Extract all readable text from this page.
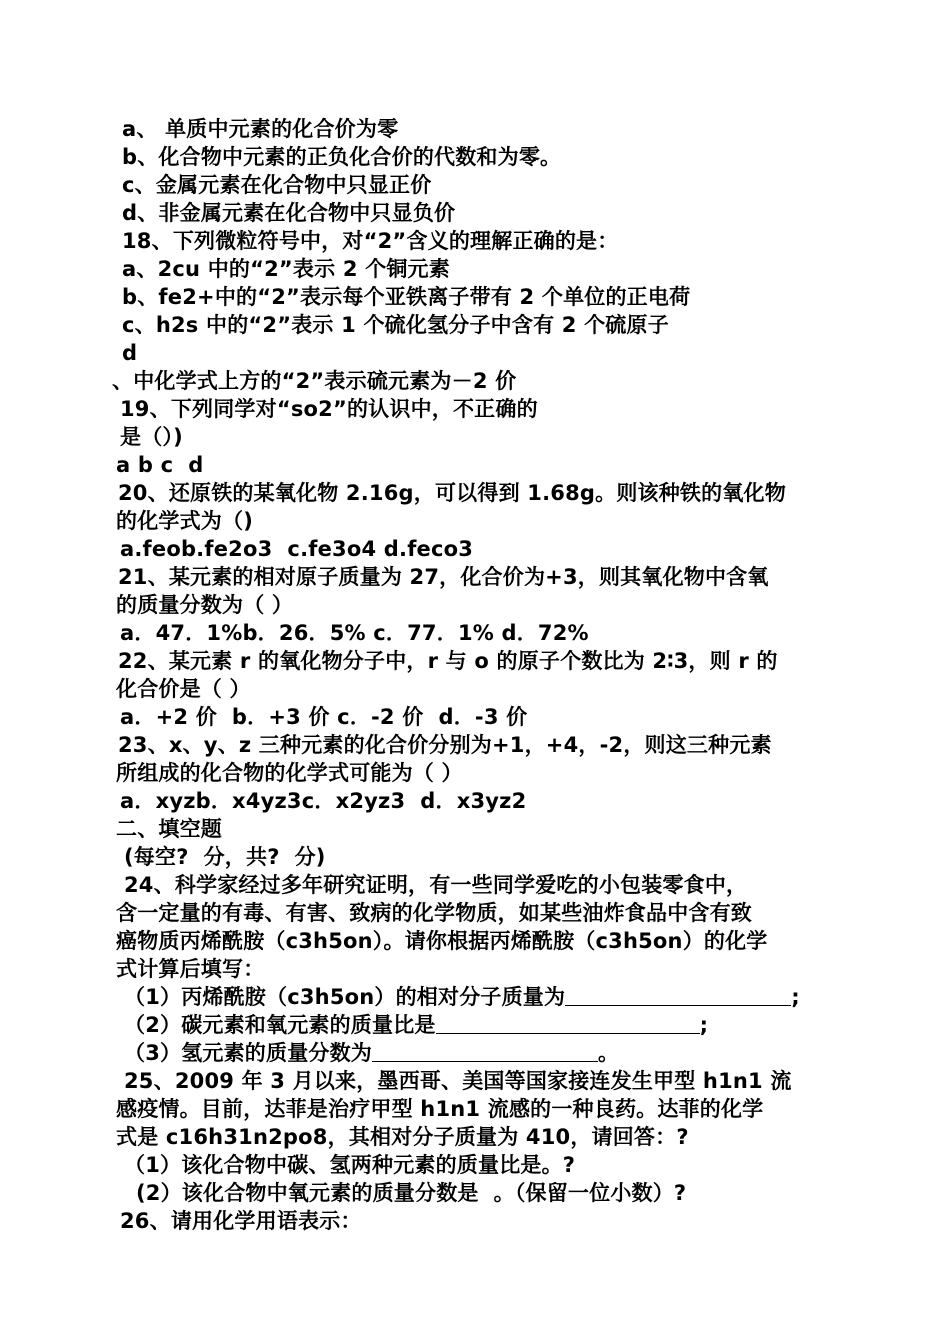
a、 单质中元素的化合价为零
b、化合物中元素的正负化合价的代数和为零。
c、金属元素在化合物中只显正价
d、非金属元素在化合物中只显负价
18、下列微粒符号中，对“2”含义的理解正确的是：
a、2cu 中的“2”表示 2 个铜元素
b、fe2+中的“2”表示每个亚铁离子带有 2 个单位的正电荷
c、h2s 中的“2”表示 1 个硫化氢分子中含有 2 个硫原子
d
、中化学式上方的“2”表示硫元素为－2 价
19、下列同学对“so2”的认识中，不正确的
是（）)
a b c  d
20、还原铁的某氧化物 2.16g，可以得到 1.68g。则该种铁的氧化物
的化学式为（)
a.feob.fe2o3  c.fe3o4 d.feco3
21、某元素的相对原子质量为 27，化合价为+3，则其氧化物中含氧
的质量分数为（ ）
a．47．1%b．26．5% c．77．1% d．72%
22、某元素 r 的氧化物分子中，r 与 o 的原子个数比为 2∶3，则 r 的
化合价是（ ）
a．+2 价  b．+3 价 c．-2 价  d．-3 价
23、x、y、z 三种元素的化合价分别为+1，+4，-2，则这三种元素
所组成的化合物的化学式可能为（ ）
a．xyzb．x4yz3c．x2yz3  d．x3yz2
二、填空题
(每空?  分，共?  分)
24、科学家经过多年研究证明，有一些同学爱吃的小包装零食中，
含一定量的有毒、有害、致病的化学物质，如某些油炸食品中含有致
癌物质丙烯酰胺（c3h5on）。请你根据丙烯酰胺（c3h5on）的化学
式计算后填写：
（1）丙烯酰胺（c3h5on）的相对分子质量为	;
（2）碳元素和氧元素的质量比是	;
（3）氢元素的质量分数为	。
25、2009 年 3 月以来，墨西哥、美国等国家接连发生甲型 h1n1 流
感疫情。目前，达菲是治疗甲型 h1n1 流感的一种良药。达菲的化学
式是 c16h31n2po8，其相对分子质量为 410，请回答：?
（1）该化合物中碳、氢两种元素的质量比是。?
(2）该化合物中氧元素的质量分数是  。（保留一位小数）?
26、请用化学用语表示：
